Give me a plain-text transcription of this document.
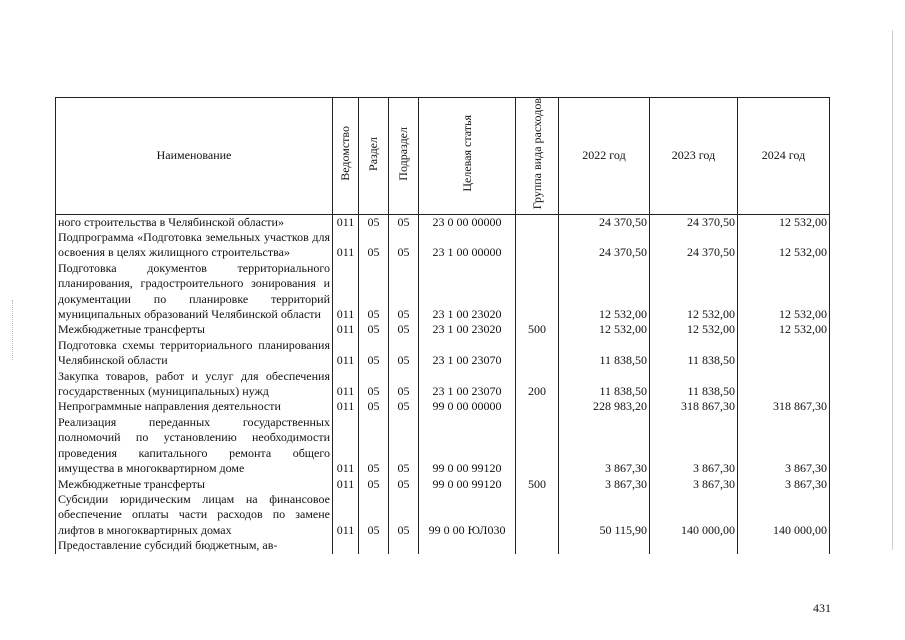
Наименование	Ведомство	Раздел	Подраздел	Целевая статья	Группа вида расходов	2022 год	2023 год	2024 год
ного строительства в Челябинской области»	011	05	05	23 0 00 00000		24 370,50	24 370,50	12 532,00
Подпрограмма «Подготовка земельных участков для освоения в целях жилищного строительства»	011	05	05	23 1 00 00000		24 370,50	24 370,50	12 532,00
Подготовка документов территориального планирования, градостроительного зонирования и документации по планировке территорий муниципальных образований Челябинской области	011	05	05	23 1 00 23020		12 532,00	12 532,00	12 532,00
Межбюджетные трансферты	011	05	05	23 1 00 23020	500	12 532,00	12 532,00	12 532,00
Подготовка схемы территориального планирования Челябинской области	011	05	05	23 1 00 23070		11 838,50	11 838,50	
Закупка товаров, работ и услуг для обеспечения государственных (муниципальных) нужд	011	05	05	23 1 00 23070	200	11 838,50	11 838,50	
Непрограммные направления деятельности	011	05	05	99 0 00 00000		228 983,20	318 867,30	318 867,30
Реализация переданных государственных полномочий по установлению необходимости проведения капитального ремонта общего имущества в многоквартирном доме	011	05	05	99 0 00 99120		3 867,30	3 867,30	3 867,30
Межбюджетные трансферты	011	05	05	99 0 00 99120	500	3 867,30	3 867,30	3 867,30
Субсидии юридическим лицам на финансовое обеспечение оплаты части расходов по замене лифтов в многоквартирных домах	011	05	05	99 0 00 ЮЛ030		50 115,90	140 000,00	140 000,00
Предоставление субсидий бюджетным, ав-								
431
